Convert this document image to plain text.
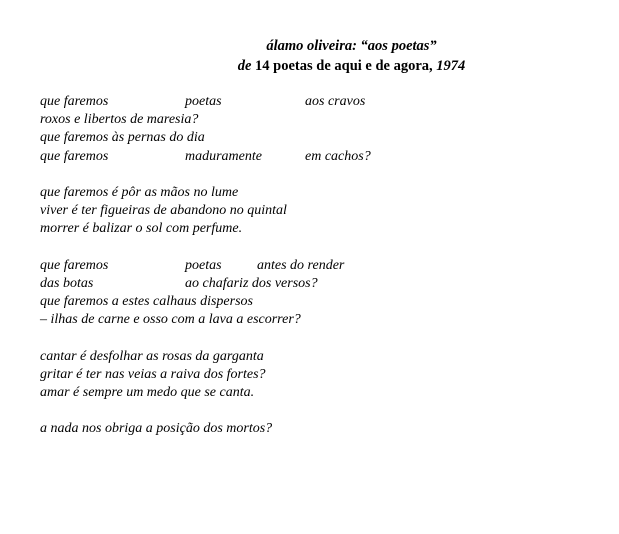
álamo oliveira: “aos poetas”
de 14 poetas de aqui e de agora, 1974
que faremos	poetas	aos cravos
roxos e libertos de maresia?
que faremos às pernas do dia
que faremos	maduramente	em cachos?
que faremos é pôr as mãos no lume
viver é ter figueiras de abandono no quintal
morrer é balizar o sol com perfume.
que faremos	poetas	antes do render
das botas	ao chafariz dos versos?
que faremos a estes calhaus dispersos
– ilhas de carne e osso com a lava a escorrer?
cantar é desfolhar as rosas da garganta
gritar é ter nas veias a raiva dos fortes?
amar é sempre um medo que se canta.
a nada nos obriga a posição dos mortos?
